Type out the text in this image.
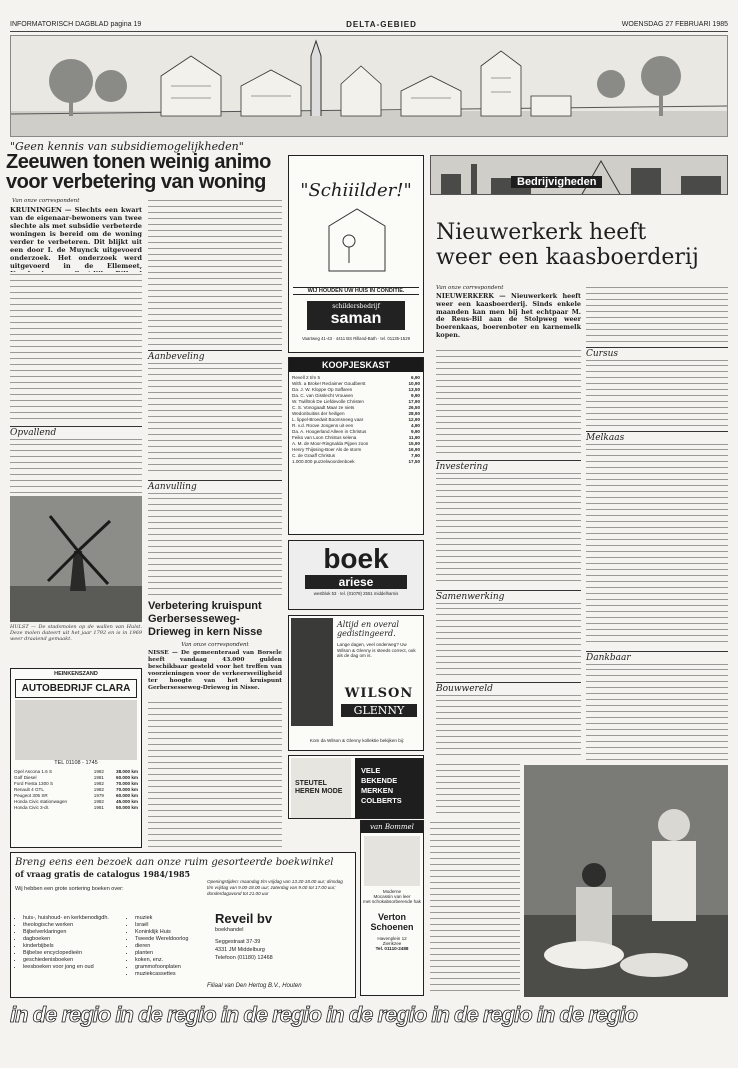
INFORMATORISCH DAGBLAD pagina 19	DELTA-GEBIED	WOENSDAG 27 FEBRUARI 1985
"Geen kennis van subsidiemogelijkheden"
Zeeuwen tonen weinig animo
voor verbetering van woning
Van onze correspondent
KRUININGEN — Slechts een kwart van de eigenaar-bewoners van twee slechte als met subsidie verbeterde woningen is bereid om de woning verder te verbeteren. Dit blijkt uit een door I. de Muynck uitgevoerd onderzoek. Het onderzoek werd uitgevoerd in de Ellemeet,
Opvallend
Aanbeveling
Aanvulling
HULST — De stadsmolen op de wallen van Hulst. Deze molen dateert uit het jaar 1792 en is in 1969 weer draaiend gemaakt.
Verbetering kruispunt Gerbersesseweg-Drieweg in kern Nisse
Van onze correspondent
NISSE — De gemeenteraad van Borsele heeft vandaag 43.000 gulden beschikbaar gesteld voor het treffen van voorzieningen voor de verkeersveiligheid ter hoogte van het kruispunt Gerbersesseweg-Drieweg in Nisse.
HEINKENSZAND
AUTOBEDRIJF CLARA
TEL 01108 - 1745
Opel Ascona 1.6 S	1982	38.000 km
Golf Diesel	1981	60.000 km
Ford Fiesta 1300 S	1982	70.000 km
Renault 4 GTL	1982	70.000 km
Peugeot 305 SR	1979	60.000 km
Honda Civic stationwagen	1982	45.000 km
Honda Civic 3-dr.	1981	50.000 km
"Schiiilder!"
WIJ HOUDEN UW HUIS IN CONDITIE.
schildersbedrijf
saman
Vaartweg 41-43 · 4411 BS Rilland-Bath · tel. 01135-1529
KOOPJESKAST
Revell 2 t/m 5	6,90
With. a Broke! Reclaimer Goudberst	10,90
Da. J. W. Kloppe Op Saffaren	13,50
Da. C. van Gisslecht Vrouwen	9,90
W. Twilltrok De Liefdevolle Christen	17,90
C. S. Vonogaadt Maar ze niets	26,50
Wedonbuitiss der heiligen	28,90
L. lippel-Broedwit Boomsneeg vaar	12,90
R. v.d. Roove Jongens uit een	4,90
Da. A. Hoogerland Alleen in Christus	9,90
Feiko van Loon Christus selena	11,90
A. M. de Moor-Ringnalda Pijpen zoon	15,90
Henry Thijssing-Boer Als de storm	16,90
C. de Graaff Christus	7,90
1.000.000 puzzelwoordenboek	17,50
boek
ariese
westblok 53 · tel. (01078) 2551 middelharnis
Altijd en overal
gedistingeerd.
Lange dagen, veel onderweg? Uw Wilson & Glenny is steeds correct, ook als de dag om is.
WILSON
GLENNY
Kom da Wilson & Glenny kollektie bekijken bij:
STEUTEL HEREN MODE
VELE BEKENDE MERKEN COLBERTS
Bedrijvigheden
Nieuwerkerk heeft
weer een kaasboerderij
Van onze correspondent
NIEUWERKERK — Nieuwerkerk heeft weer een kaasboerderij. Sinds enkele maanden kan men bij het echtpaar M. de Reus-Bil aan de Stolpweg weer boerenkaas, boerenboter en karnemelk kopen.
Investering
Samenwerking
Bouwwereld
Cursus
Melkaas
Dankbaar
van Bommel
Moderne
Mocassin van leer
met schokabsorberende hak
Verton Schoenen
Havenplein 12
Zierikzee
Tel. 01110-2488
Breng eens een bezoek aan onze ruim gesorteerde boekwinkel
of vraag gratis de catalogus 1984/1985
Wij hebben een grote sortering boeken over:
• huis-, huishoud- en kerkbenodigdh.
• theologische werken
• Bijbelverklaringen
• dagboeken
• kinderbijbels
• Bijbelse encyclopedieën
• geschiedenisboeken
• leesboeken voor jong en oud
• muziek
• Israël
• Koninklijk Huis
• Tweede Wereldoorlog
• dieren
• planten
• koken, enz.
• grammofoonplaten
• muziekcassettes
Openingstijden: maandag t/m vrijdag van 13.30-18.00 uur; dinsdag t/m vrijdag van 9.00-18.00 uur; zaterdag van 9.00 tot 17.00 uur; donderdagavond tot 21.00 uur
Reveil bv
boekhandel
Seggestraat 37-39
4331 JM Middelburg
Telefoon (01180) 12468
Filiaal van Den Hertog B.V., Houten
in de regio in de regio in de regio in de regio in de regio in de regio
